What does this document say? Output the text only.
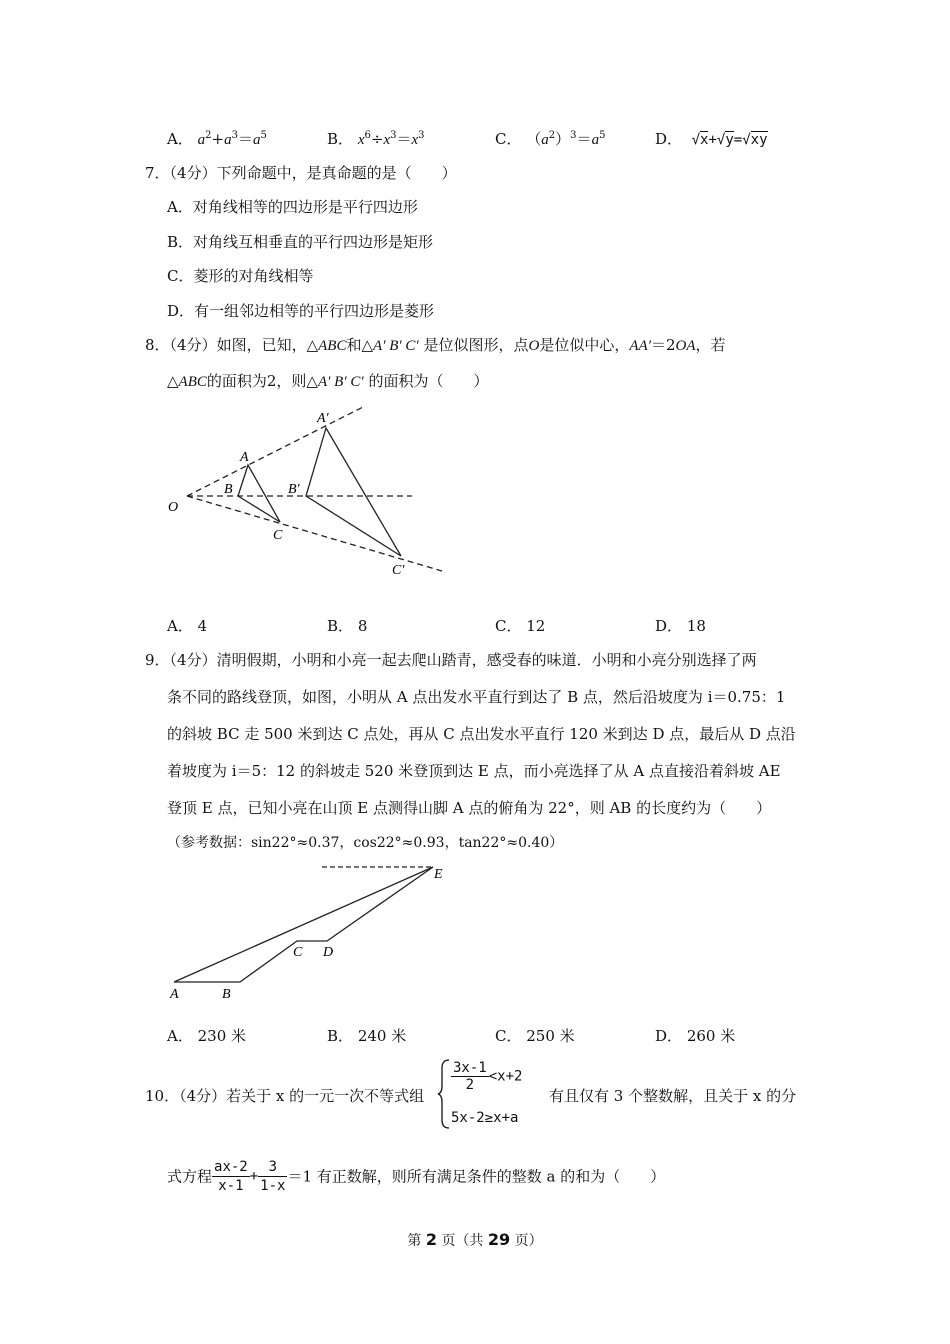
A． $a^2+a^3=a^5$	B． $x^6\div x^3=x^3$	C． $(a^2)^3=a^5$	D． √x+√y=√xy
7．（4分）下列命题中，是真命题的是（　　）
A．对角线相等的四边形是平行四边形
B．对角线互相垂直的平行四边形是矩形
C．菱形的对角线相等
D．有一组邻边相等的平行四边形是菱形
8．（4分）如图，已知，△ABC和△A′ B′ C′ 是位似图形，点O是位似中心，AA′＝2OA，若
△ABC的面积为2，则△A′ B′ C′ 的面积为（　　）
A′
A
B	B′
O
C
C′
A． 4	B． 8	C． 12	D． 18
9．（4分）清明假期，小明和小亮一起去爬山踏青，感受春的味道．小明和小亮分别选择了两
条不同的路线登顶，如图，小明从 A 点出发水平直行到达了 B 点，然后沿坡度为 i＝0.75：1
的斜坡 BC 走 500 米到达 C 点处，再从 C 点出发水平直行 120 米到达 D 点，最后从 D 点沿
着坡度为 i＝5：12 的斜坡走 520 米登顶到达 E 点，而小亮选择了从 A 点直接沿着斜坡 AE
登顶 E 点，已知小亮在山顶 E 点测得山脚 A 点的俯角为 22°，则 AB 的长度约为（　　）
（参考数据：sin22°≈0.37，cos22°≈0.93，tan22°≈0.40）
E
C D
A	B
A． 230 米	B． 240 米	C． 250 米	D． 260 米
10．（4分）若关于 x 的一元一次不等式组
$\frac{3x-1}{2} <x+2$
5x-2≥x+a
有且仅有 3 个整数解，且关于 x 的分
式方程 $\frac{ax-2}{x-1} + \frac{3}{1-x} =1$ 有正数解，则所有满足条件的整数 a 的和为（　　）
第 2 页（共 29 页）
